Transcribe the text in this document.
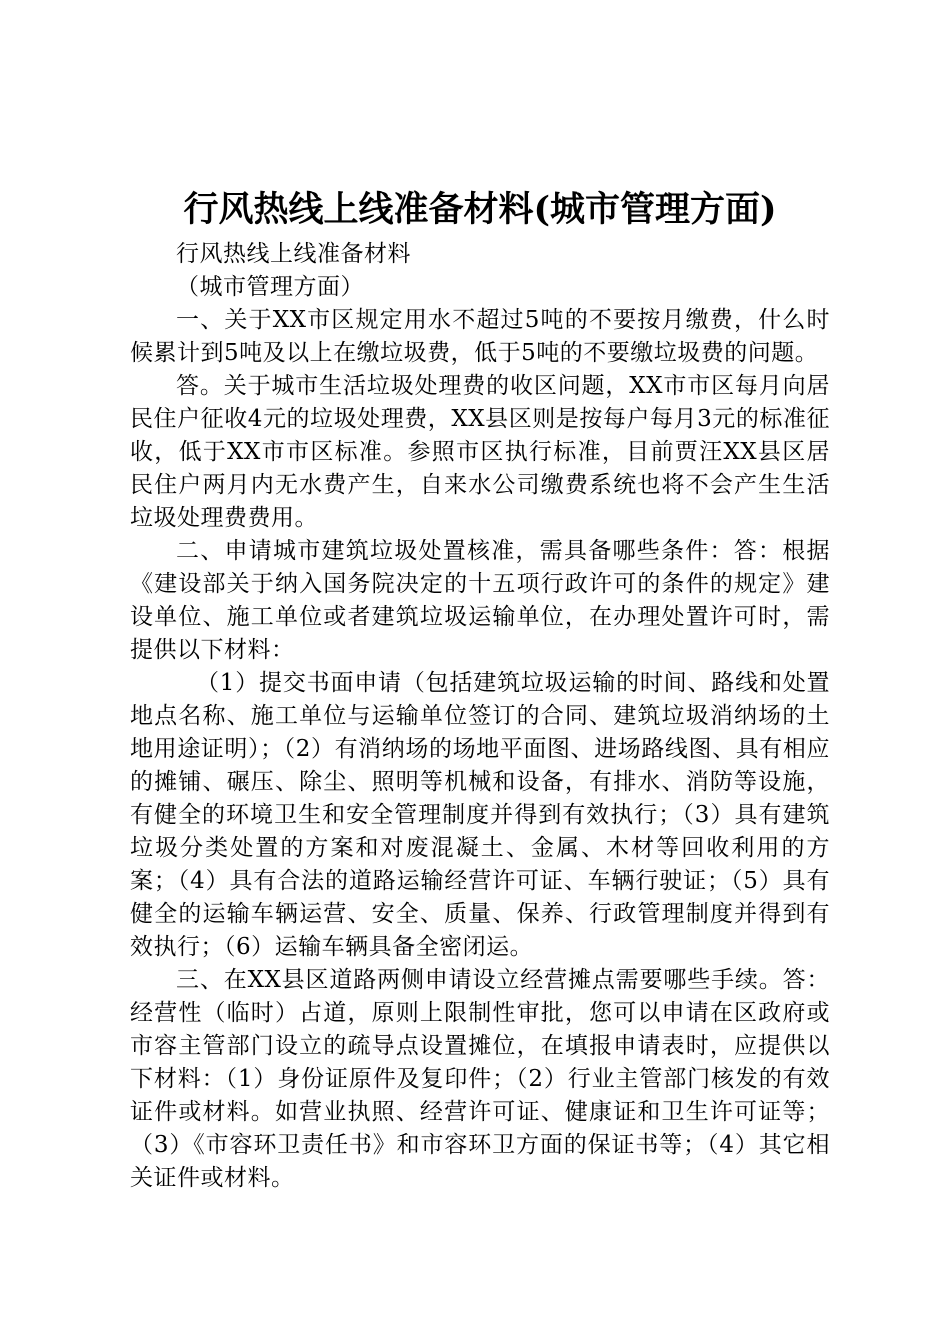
行风热线上线准备材料(城市管理方面)

行风热线上线准备材料

（城市管理方面）

一、关于XX市区规定用水不超过5吨的不要按月缴费，什么时候累计到5吨及以上在缴垃圾费，低于5吨的不要缴垃圾费的问题。

答。关于城市生活垃圾处理费的收区问题，XX市市区每月向居民住户征收4元的垃圾处理费，XX县区则是按每户每月3元的标准征收，低于XX市市区标准。参照市区执行标准，目前贾汪XX县区居民住户两月内无水费产生，自来水公司缴费系统也将不会产生生活垃圾处理费费用。

二、申请城市建筑垃圾处置核准，需具备哪些条件：答：根据《建设部关于纳入国务院决定的十五项行政许可的条件的规定》建设单位、施工单位或者建筑垃圾运输单位，在办理处置许可时，需提供以下材料：

（1）提交书面申请（包括建筑垃圾运输的时间、路线和处置地点名称、施工单位与运输单位签订的合同、建筑垃圾消纳场的土地用途证明）；（2）有消纳场的场地平面图、进场路线图、具有相应的摊铺、碾压、除尘、照明等机械和设备，有排水、消防等设施，有健全的环境卫生和安全管理制度并得到有效执行；（3）具有建筑垃圾分类处置的方案和对废混凝土、金属、木材等回收利用的方案；（4）具有合法的道路运输经营许可证、车辆行驶证；（5）具有健全的运输车辆运营、安全、质量、保养、行政管理制度并得到有效执行；（6）运输车辆具备全密闭运。

三、在XX县区道路两侧申请设立经营摊点需要哪些手续。答：经营性（临时）占道，原则上限制性审批，您可以申请在区政府或市容主管部门设立的疏导点设置摊位，在填报申请表时，应提供以下材料：（1）身份证原件及复印件；（2）行业主管部门核发的有效证件或材料。如营业执照、经营许可证、健康证和卫生许可证等；（3）《市容环卫责任书》和市容环卫方面的保证书等；（4）其它相关证件或材料。
